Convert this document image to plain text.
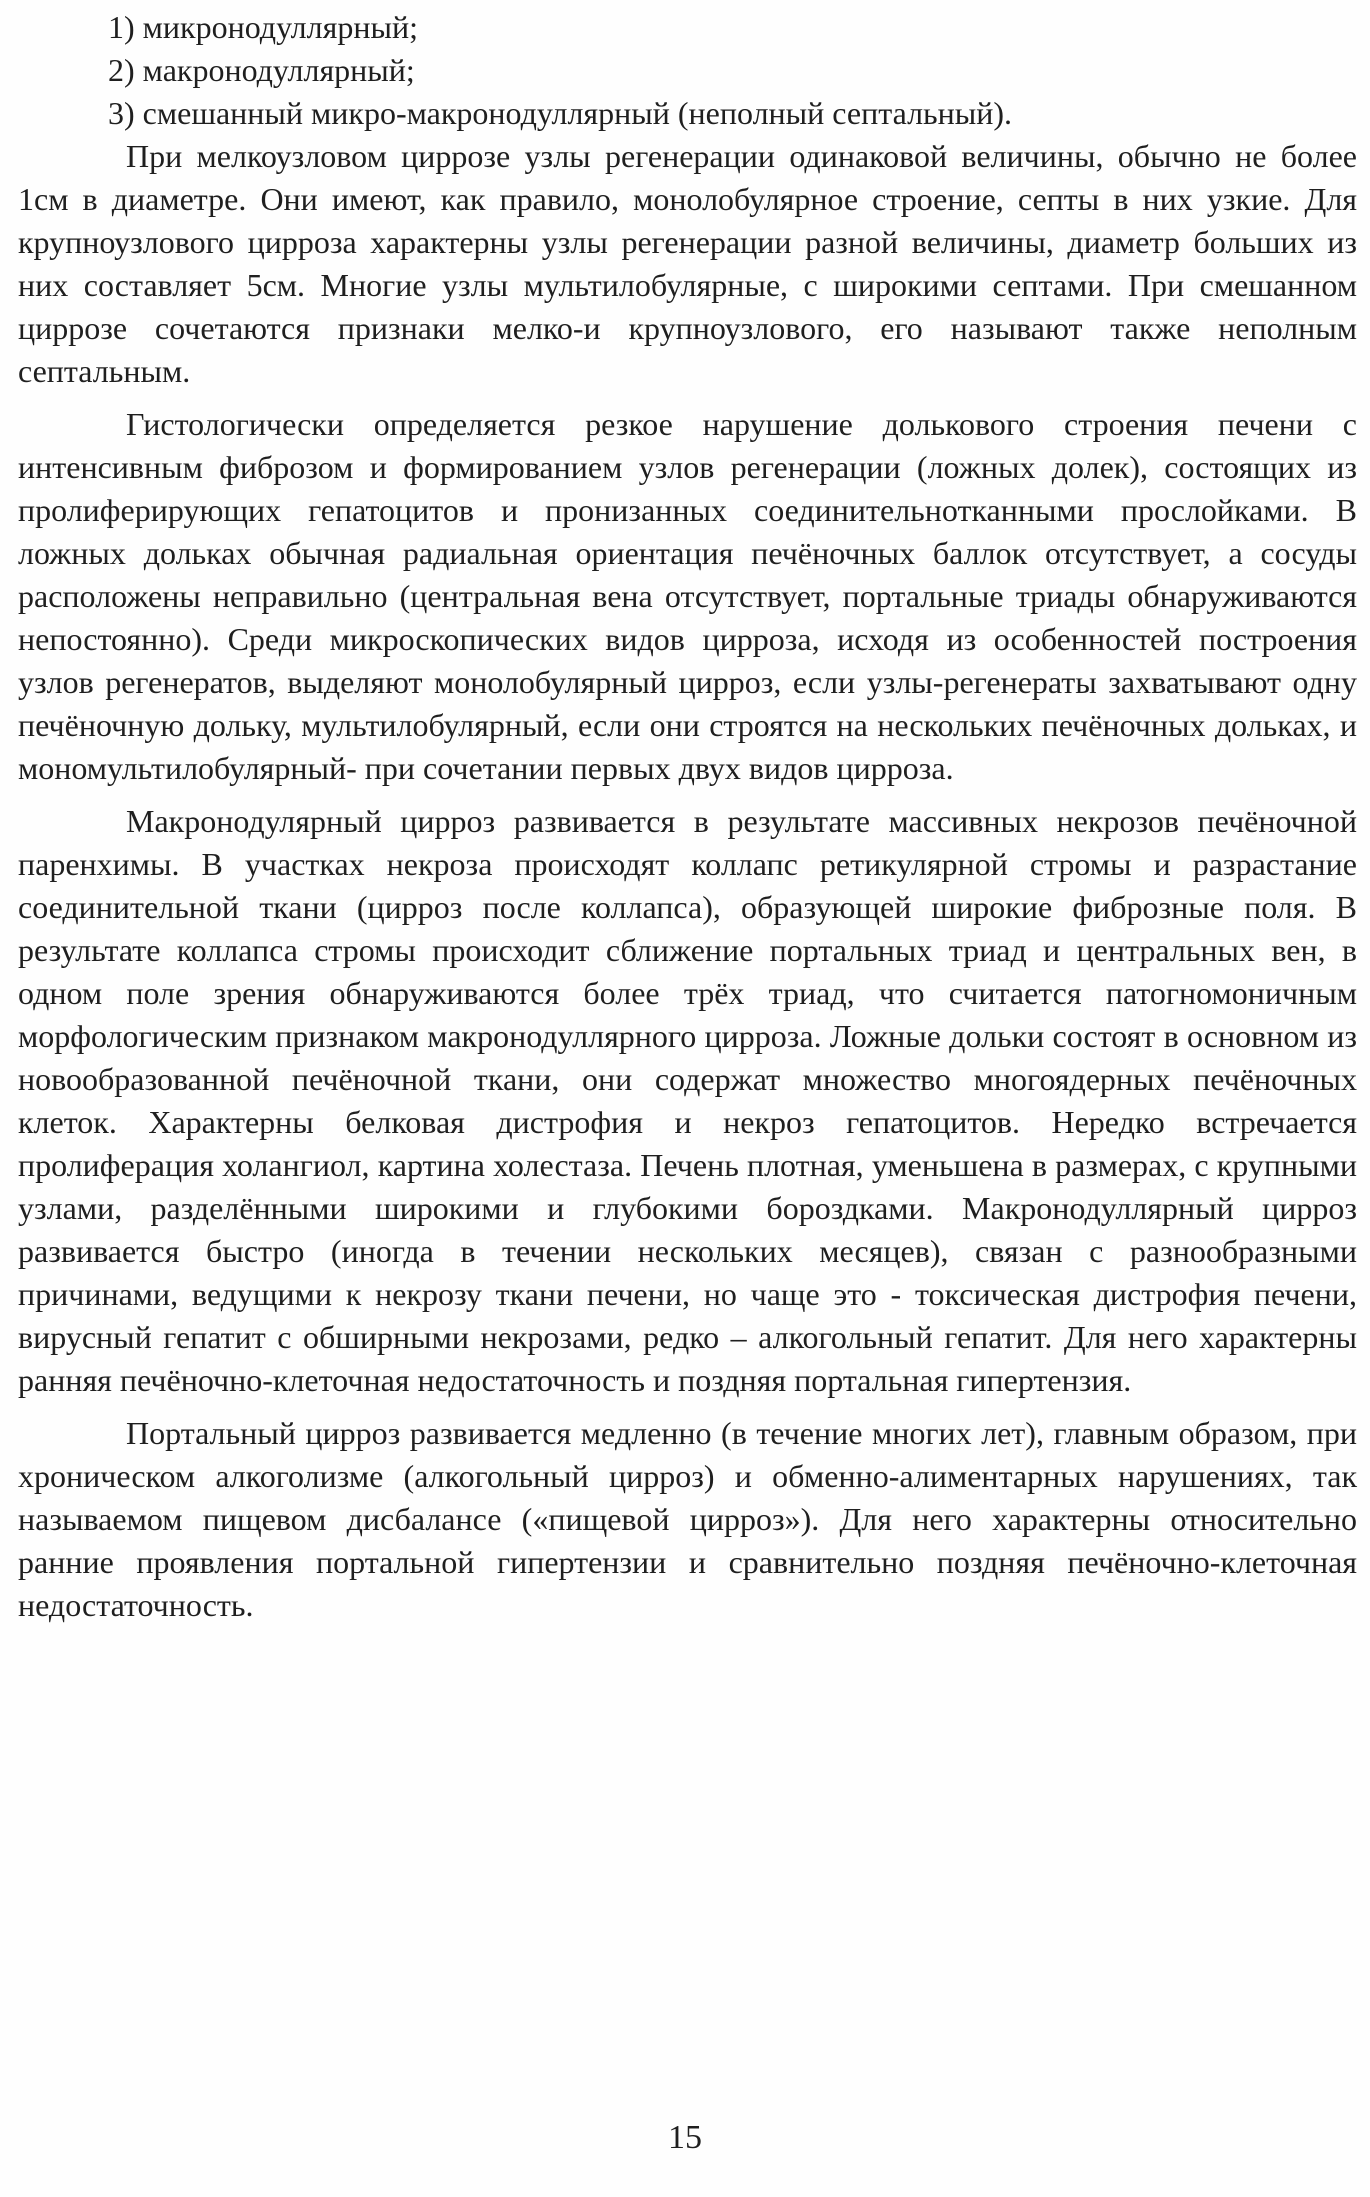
1) микронодуллярный;
2) макронодуллярный;
3) смешанный микро-макронодуллярный (неполный септальный).

При мелкоузловом циррозе узлы регенерации одинаковой величины, обычно не более 1см в диаметре. Они имеют, как правило, монолобулярное строение, септы в них узкие. Для крупноузлового цирроза характерны узлы регенерации разной величины, диаметр больших из них составляет 5см. Многие узлы мультилобулярные, с широкими септами. При смешанном циррозе сочетаются признаки мелко-и крупноузлового, его называют также неполным септальным.

Гистологически определяется резкое нарушение долькового строения печени с интенсивным фиброзом и формированием узлов регенерации (ложных долек), состоящих из пролиферирующих гепатоцитов и пронизанных соединительнотканными прослойками. В ложных дольках обычная радиальная ориентация печёночных баллок отсутствует, а сосуды расположены неправильно (центральная вена отсутствует, портальные триады обнаруживаются непостоянно). Среди микроскопических видов цирроза, исходя из особенностей построения узлов регенератов, выделяют монолобулярный цирроз, если узлы-регенераты захватывают одну печёночную дольку, мультилобулярный, если они строятся на нескольких печёночных дольках, и мономультилобулярный- при сочетании первых двух видов цирроза.

Макронодулярный цирроз развивается в результате массивных некрозов печёночной паренхимы. В участках некроза происходят коллапс ретикулярной стромы и разрастание соединительной ткани (цирроз после коллапса), образующей широкие фиброзные поля. В результате коллапса стромы происходит сближение портальных триад и центральных вен, в одном поле зрения обнаруживаются более трёх триад, что считается патогномоничным морфологическим признаком макронодуллярного цирроза. Ложные дольки состоят в основном из новообразованной печёночной ткани, они содержат множество многоядерных печёночных клеток. Характерны белковая дистрофия и некроз гепатоцитов. Нередко встречается пролиферация холангиол, картина холестаза. Печень плотная, уменьшена в размерах, с крупными узлами, разделёнными широкими и глубокими бороздками. Макронодуллярный цирроз развивается быстро (иногда в течении нескольких месяцев), связан с разнообразными причинами, ведущими к некрозу ткани печени, но чаще это - токсическая дистрофия печени, вирусный гепатит с обширными некрозами, редко – алкогольный гепатит. Для него характерны ранняя печёночно-клеточная недостаточность и поздняя портальная гипертензия.

Портальный цирроз развивается медленно (в течение многих лет), главным образом, при хроническом алкоголизме (алкогольный цирроз) и обменно-алиментарных нарушениях, так называемом пищевом дисбалансе («пищевой цирроз»). Для него характерны относительно ранние проявления портальной гипертензии и сравнительно поздняя печёночно-клеточная недостаточность.

15
